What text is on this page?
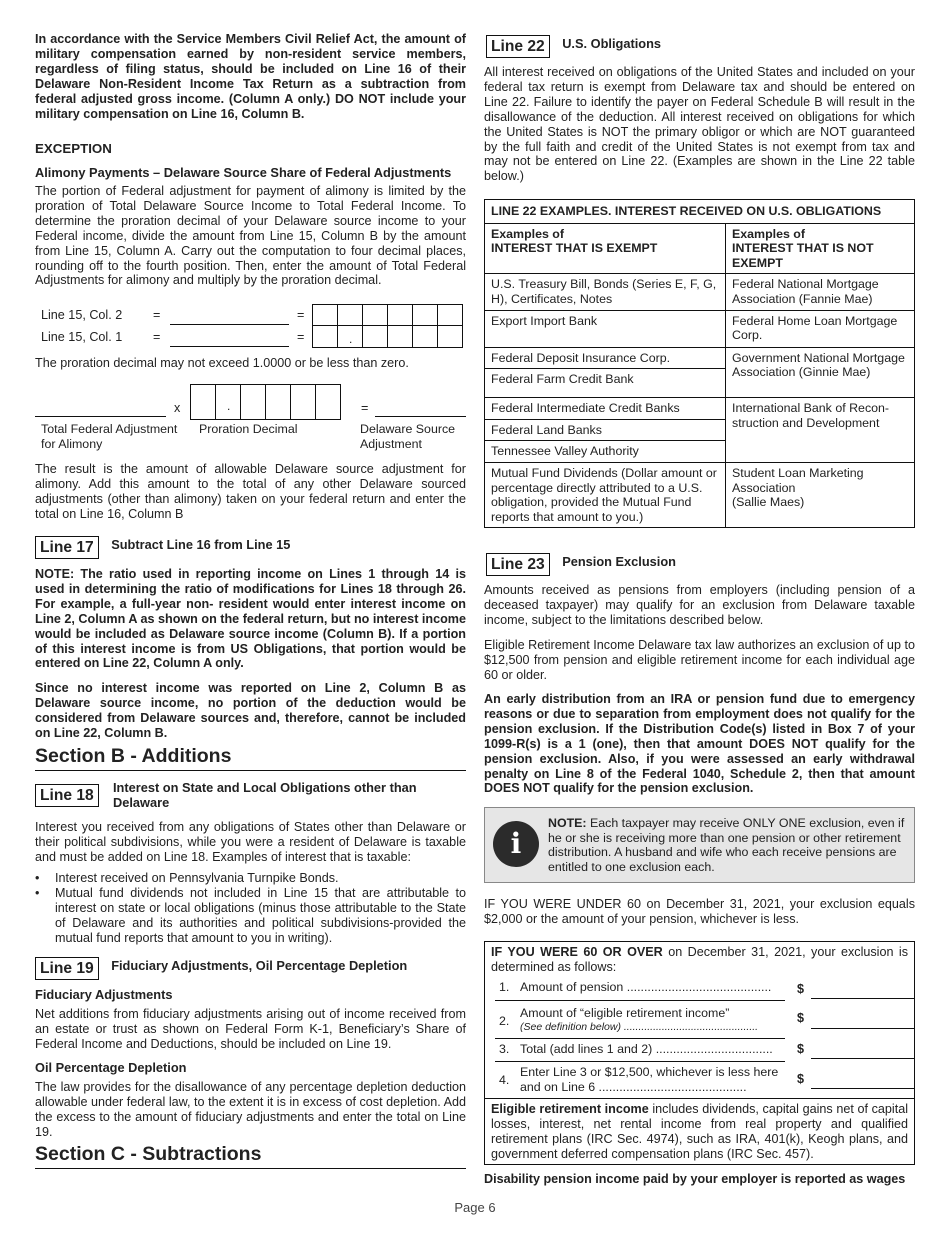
In accordance with the Service Members Civil Relief Act, the amount of military compensation earned by non-resident service members, regardless of filing status, should be included on Line 16 of their Delaware Non-Resident Income Tax Return as a subtraction from federal adjusted gross income. (Column A only.) DO NOT include your military compensation on Line 16, Column B.

EXCEPTION
Alimony Payments – Delaware Source Share of Federal Adjustments

The portion of Federal adjustment for payment of alimony is limited by the proration of Total Delaware Source Income to Total Federal Income. To determine the proration decimal of your Delaware source income to your Federal income, divide the amount from Line 15, Column B by the amount from Line 15, Column A. Carry out the computation to four decimal places, rounding off to the fourth position. Then, enter the amount of Total Federal Adjustments for alimony and multiply by the proration decimal.

Line 15, Col. 2 =	=
Line 15, Col. 1 =	=	.

The proration decimal may not exceed 1.0000 or be less than zero.

x	.	=
Total Federal Adjustment for Alimony
Proration Decimal	Delaware Source Adjustment

The result is the amount of allowable Delaware source adjustment for alimony. Add this amount to the total of any other Delaware sourced adjustments (other than alimony) taken on your federal return and enter the total on Line 16, Column B

Line 17 Subtract Line 16 from Line 15

NOTE: The ratio used in reporting income on Lines 1 through 14 is used in determining the ratio of modifications for Lines 18 through 26. For example, a full-year non- resident would enter interest income on Line 2, Column A as shown on the federal return, but no interest income would be included as Delaware source income (Column B). If a portion of this interest income is from US Obligations, that portion would be entered on Line 22, Column A only.

Since no interest income was reported on Line 2, Column B as Delaware source income, no portion of the deduction would be considered from Delaware sources and, therefore, cannot be included on Line 22, Column B.

Section B - Additions
Line 18	Interest on State and Local Obligations other than Delaware

Interest you received from any obligations of States other than Delaware or their political subdivisions, while you were a resident of Delaware is taxable and must be added on Line 18. Examples of interest that is taxable:

• Interest received on Pennsylvania Turnpike Bonds.
• Mutual fund dividends not included in Line 15 that are attributable to interest on state or local obligations (minus those attributable to the State of Delaware and its authorities and political subdivisions-provided the mutual fund reports that amount to you in writing).
Line 19 Fiduciary Adjustments, Oil Percentage Depletion
Fiduciary Adjustments

Net additions from fiduciary adjustments arising out of income received from an estate or trust as shown on Federal Form K-1, Beneficiary’s Share of Federal Income and Deductions, should be included on Line 19.

Oil Percentage Depletion

The law provides for the disallowance of any percentage depletion deduction allowable under federal law, to the extent it is in excess of cost depletion. Add the excess to the amount of fiduciary adjustments and enter the total on Line 19.

Section C - Subtractions
Line 22 U.S. Obligations

All interest received on obligations of the United States and included on your federal tax return is exempt from Delaware tax and should be entered on Line 22. Failure to identify the payer on Federal Schedule B will result in the disallowance of the deduction. All interest received on obligations for which the United States is NOT the primary obligor or which are NOT guaranteed by the full faith and credit of the United States is not exempt from tax and may not be entered on Line 22. (Examples are shown in the Line 22 table below.)

LINE 22 EXAMPLES. INTEREST RECEIVED ON U.S. OBLIGATIONS	
Examples of
INTEREST THAT IS EXEMPT	Examples of
INTEREST THAT IS NOT EXEMPT
U.S. Treasury Bill, Bonds (Series E, F, G, H), Certificates, Notes	Federal National Mortgage Association (Fannie Mae)
Export Import Bank	Federal Home Loan Mortgage Corp.
Federal Deposit Insurance Corp.	Government National Mortgage Association (Ginnie Mae)
Federal Farm Credit Bank	
Federal Intermediate Credit Banks	International Bank of Recon-struction and Development
Federal Land Banks	
Tennessee Valley Authority	
Mutual Fund Dividends (Dollar amount or percentage directly attributed to a U.S. obligation, provided the Mutual Fund reports that amount to you.)	Student Loan Marketing Association
(Sallie Maes)
Line 23 Pension Exclusion

Amounts received as pensions from employers (including pension of a deceased taxpayer) may qualify for an exclusion from Delaware taxable income, subject to the limitations described below.

Eligible Retirement Income Delaware tax law authorizes an exclusion of up to $12,500 from pension and eligible retirement income for each individual age 60 or older.

An early distribution from an IRA or pension fund due to emergency reasons or due to separation from employment does not qualify for the pension exclusion. If the Distribution Code(s) listed in Box 7 of your 1099-R(s) is a 1 (one), then that amount DOES NOT qualify for the pension exclusion. Also, if you were assessed an early withdrawal penalty on Line 8 of the Federal 1040, Schedule 2, then that amount DOES NOT qualify for the pension exclusion.

i
NOTE: Each taxpayer may receive ONLY ONE exclusion, even if he or she is receiving more than one pension or other retirement distribution. A husband and wife who each receive pensions are entitled to one exclusion each.

IF YOU WERE UNDER 60 on December 31, 2021, your exclusion equals $2,000 or the amount of your pension, whichever is less.

IF YOU WERE 60 OR OVER on December 31, 2021, your exclusion is determined as follows:
1. Amount of pension ..........................................	$
2.
Amount of “eligible retirement income”
(See definition below) ..............................................
$
3. Total (add lines 1 and 2) ..................................	$
4.
Enter Line 3 or $12,500, whichever is less here and on Line 6 ...........................................
$
Eligible retirement income includes dividends, capital gains net of capital losses, interest, net rental income from real property and qualified retirement plans (IRC Sec. 4974), such as IRA, 401(k), Keogh plans, and government deferred compensation plans (IRC Sec. 457).

Disability pension income paid by your employer is reported as wages

Page 6
